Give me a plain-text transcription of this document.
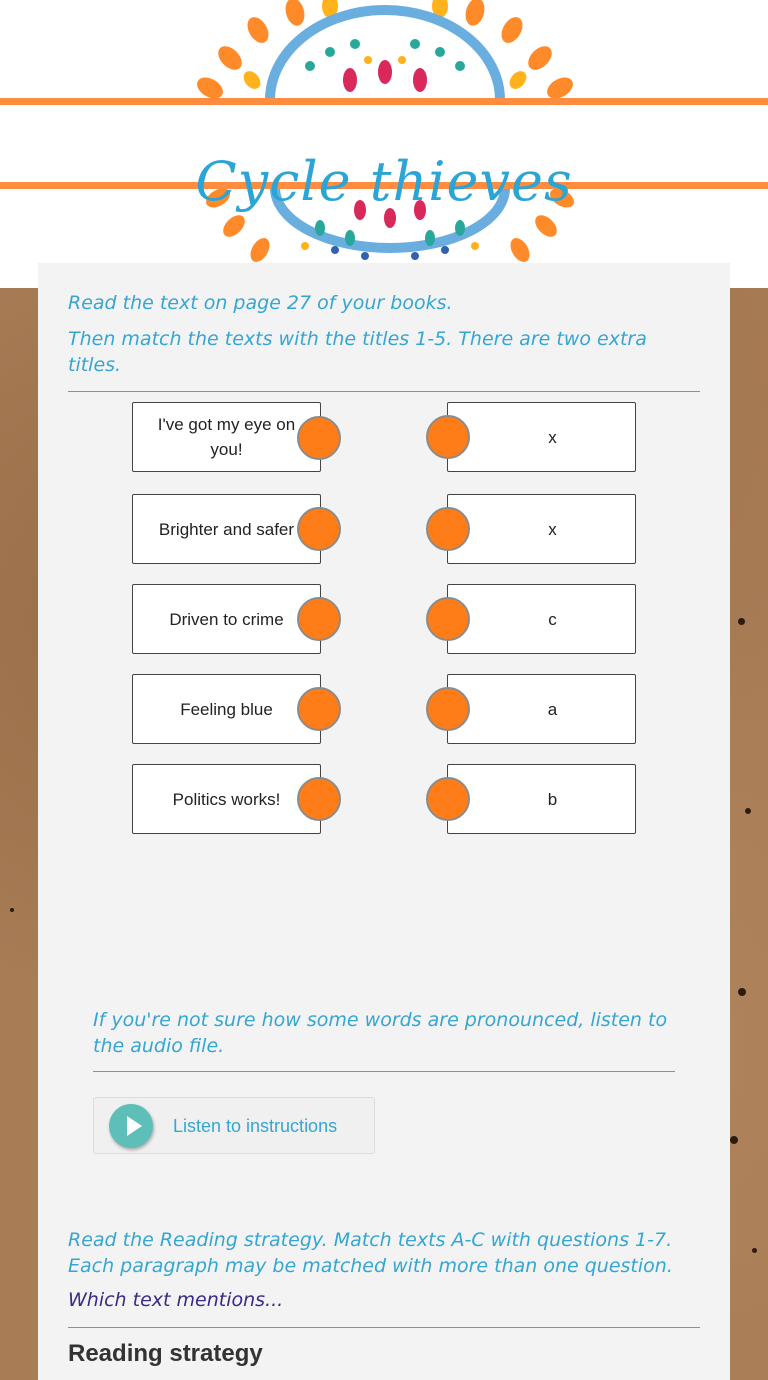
Cycle thieves
Read the text on page 27 of your books.
Then match the texts with the titles 1-5. There are two extra titles.
I've got my eye on you!
Brighter and safer
Driven to crime
Feeling blue
Politics works!
x
x
c
a
b
If you're not sure how some words are pronounced, listen to the audio file.
Listen to instructions
Read the Reading strategy. Match texts A-C with questions 1-7. Each paragraph may be matched with more than one question.
Which text mentions...
Reading strategy
